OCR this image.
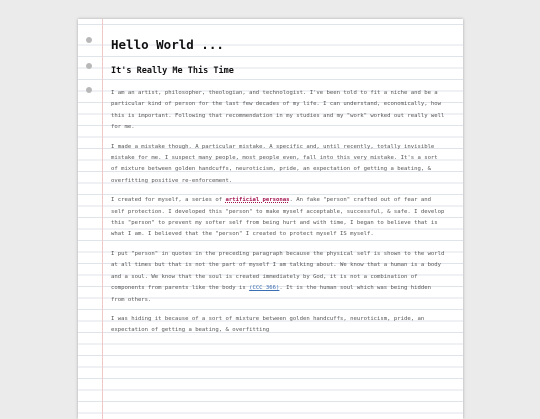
Hello World ...
It's Really Me This Time

I am an artist, philosopher, theologian, and technologist. I've been told to fit a niche and be a particular kind of person for the last few decades of my life. I can understand, economically, how this is important. Following that recommendation in my studies and my "work" worked out really well for me.

I made a mistake though. A particular mistake. A specific and, until recently, totally invisible mistake for me. I suspect many people, most people even, fall into this very mistake. It's a sort of mixture between golden handcuffs, neuroticism, pride, an expectation of getting a beating, & overfitting positive re-enforcement.

I created for myself, a series of artificial personas. An fake "person" crafted out of fear and self protection. I developed this "person" to make myself acceptable, successful, & safe. I develop this "person" to prevent my softer self from being hurt and with time, I began to believe that is what I am. I believed that the "person" I created to protect myself IS myself.

I put "person" in quotes in the preceding paragraph because the physical self is shown to the world at all times but that is not the part of myself I am talking about. We know that a human is a body and a soul. We know that the soul is created immediately by God, it is not a combination of components from parents like the body is (CCC 366). It is the human soul which was being hidden from others.

I was hiding it because of a sort of mixture between golden handcuffs, neuroticism, pride, an expectation of getting a beating, & overfitting
